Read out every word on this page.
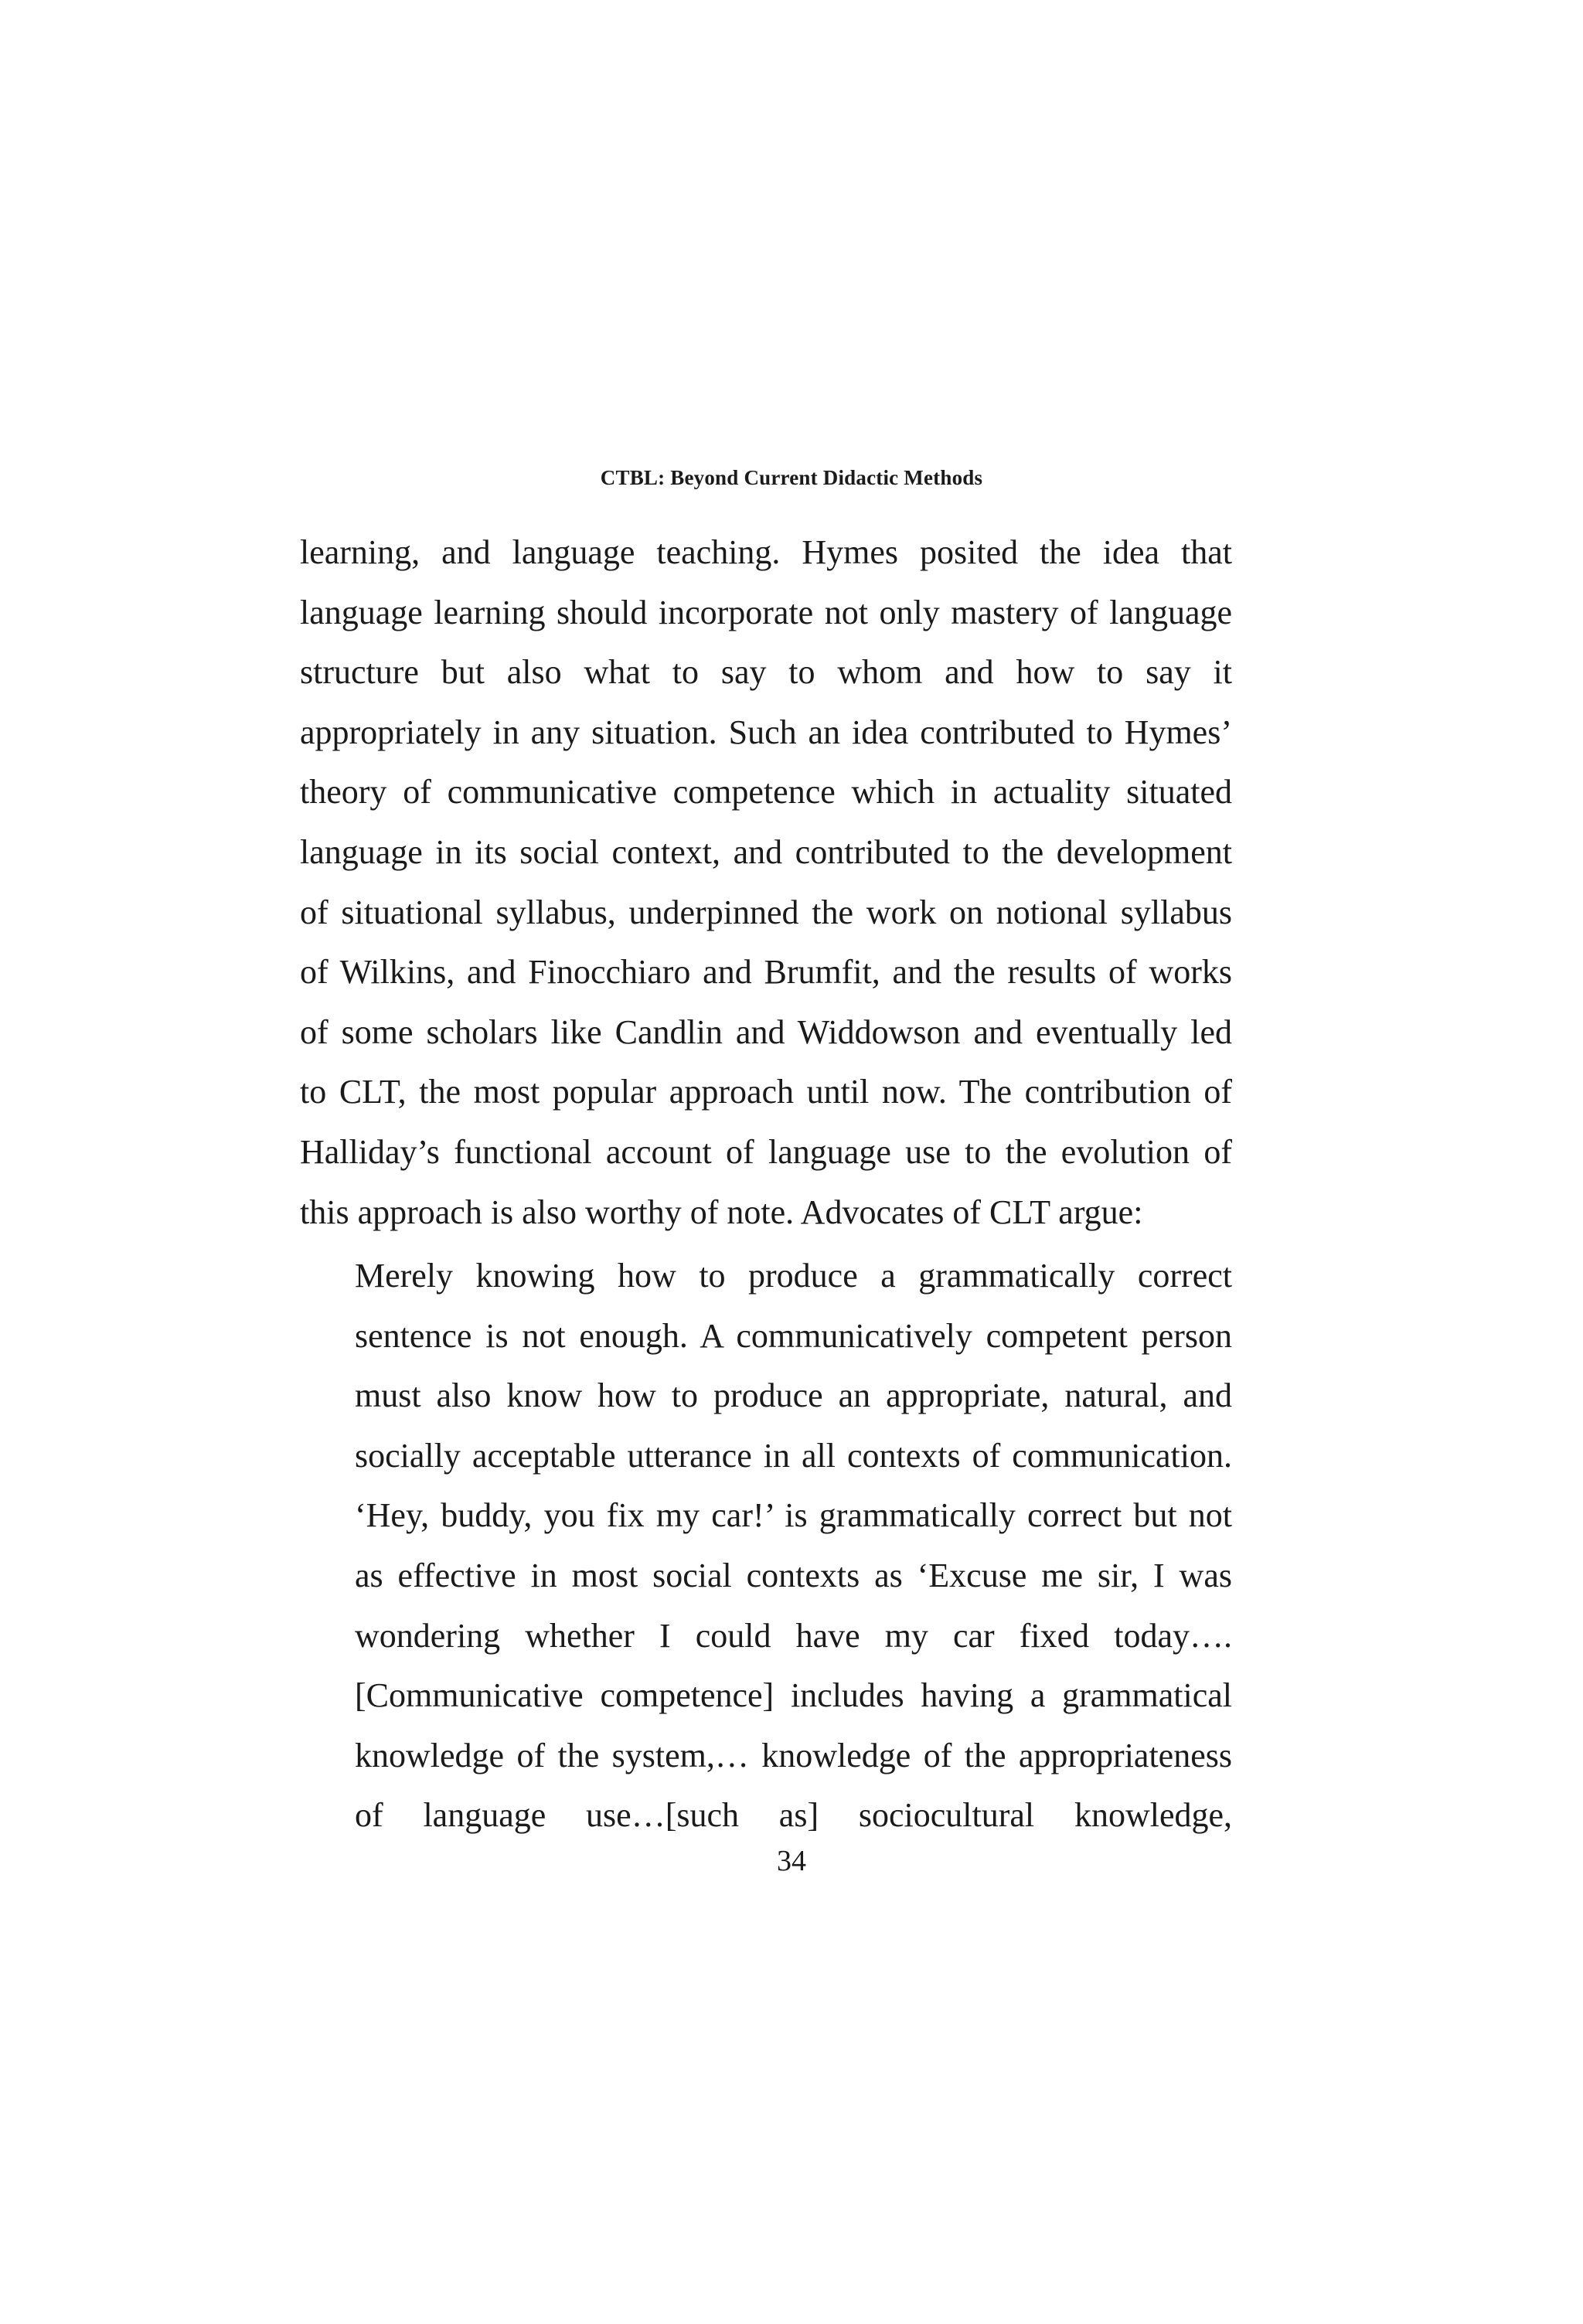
CTBL: Beyond Current Didactic Methods
learning, and language teaching. Hymes posited the idea that
language learning should incorporate not only mastery of language
structure but also what to say to whom and how to say it
appropriately in any situation. Such an idea contributed to Hymes’
theory of communicative competence which in actuality situated
language in its social context, and contributed to the development
of situational syllabus, underpinned the work on notional syllabus
of Wilkins, and Finocchiaro and Brumfit, and the results of works
of some scholars like Candlin and Widdowson and eventually led
to CLT, the most popular approach until now. The contribution of
Halliday’s functional account of language use to the evolution of
this approach is also worthy of note. Advocates of CLT argue:
Merely knowing how to produce a grammatically correct
sentence is not enough. A communicatively competent person
must also know how to produce an appropriate, natural, and
socially acceptable utterance in all contexts of communication.
‘Hey, buddy, you fix my car!’ is grammatically correct but not
as effective in most social contexts as ‘Excuse me sir, I was
wondering whether I could have my car fixed today….
[Communicative competence] includes having a grammatical
knowledge of the system,… knowledge of the appropriateness
of language use…[such as] sociocultural knowledge,
34
